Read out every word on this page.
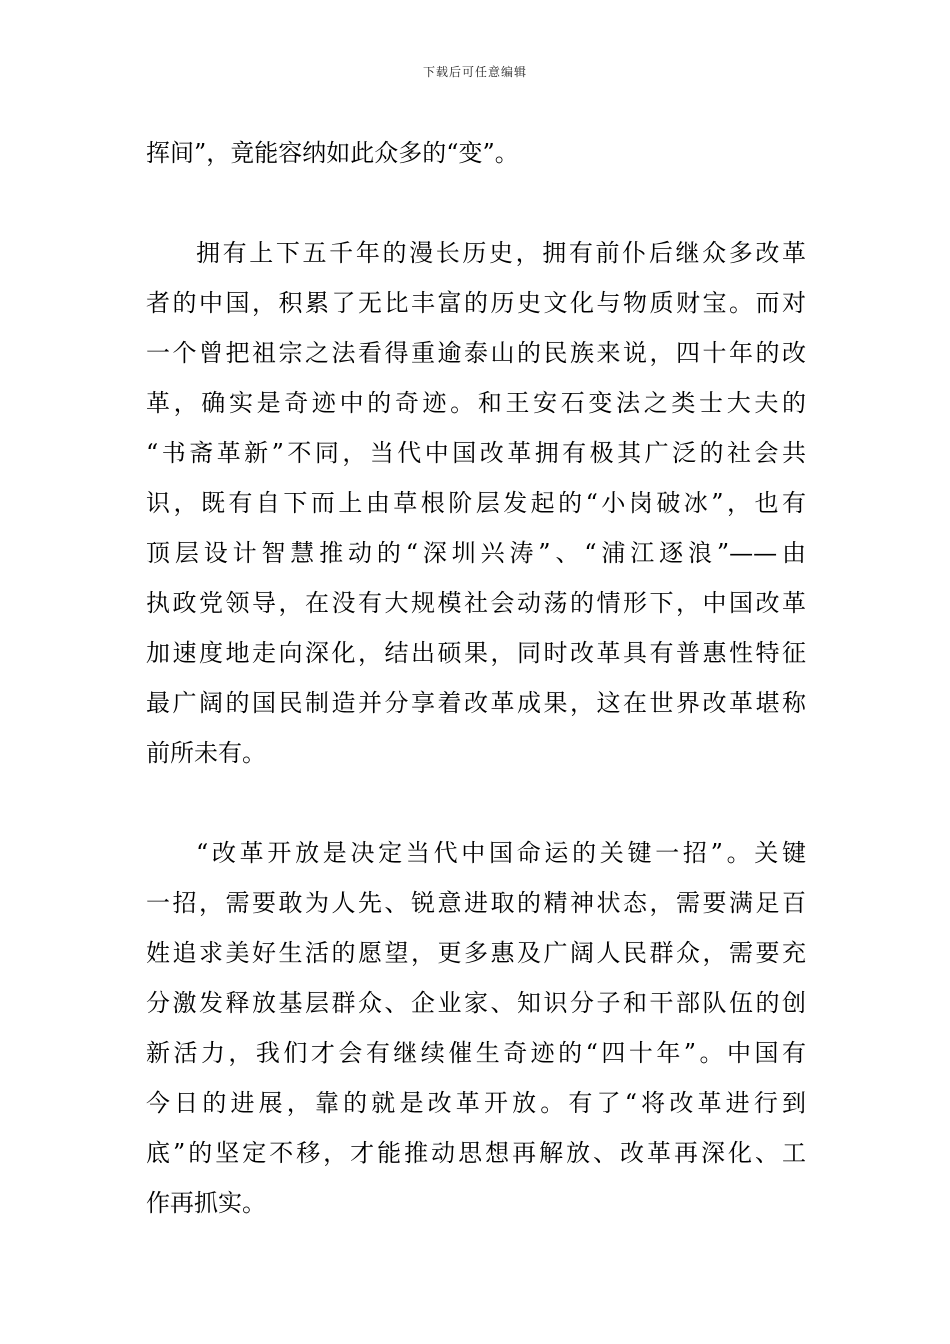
下载后可任意编辑
挥间”，竟能容纳如此众多的“变”。
拥有上下五千年的漫长历史，拥有前仆后继众多改革
者的中国，积累了无比丰富的历史文化与物质财宝。而对
一个曾把祖宗之法看得重逾泰山的民族来说，四十年的改
革，确实是奇迹中的奇迹。和王安石变法之类士大夫的
“书斋革新”不同，当代中国改革拥有极其广泛的社会共
识，既有自下而上由草根阶层发起的“小岗破冰”，也有
顶层设计智慧推动的“深圳兴涛”、“浦江逐浪”——由
执政党领导，在没有大规模社会动荡的情形下，中国改革
加速度地走向深化，结出硕果，同时改革具有普惠性特征
最广阔的国民制造并分享着改革成果，这在世界改革堪称
前所未有。
“改革开放是决定当代中国命运的关键一招”。关键
一招，需要敢为人先、锐意进取的精神状态，需要满足百
姓追求美好生活的愿望，更多惠及广阔人民群众，需要充
分激发释放基层群众、企业家、知识分子和干部队伍的创
新活力，我们才会有继续催生奇迹的“四十年”。中国有
今日的进展，靠的就是改革开放。有了“将改革进行到
底”的坚定不移，才能推动思想再解放、改革再深化、工
作再抓实。
